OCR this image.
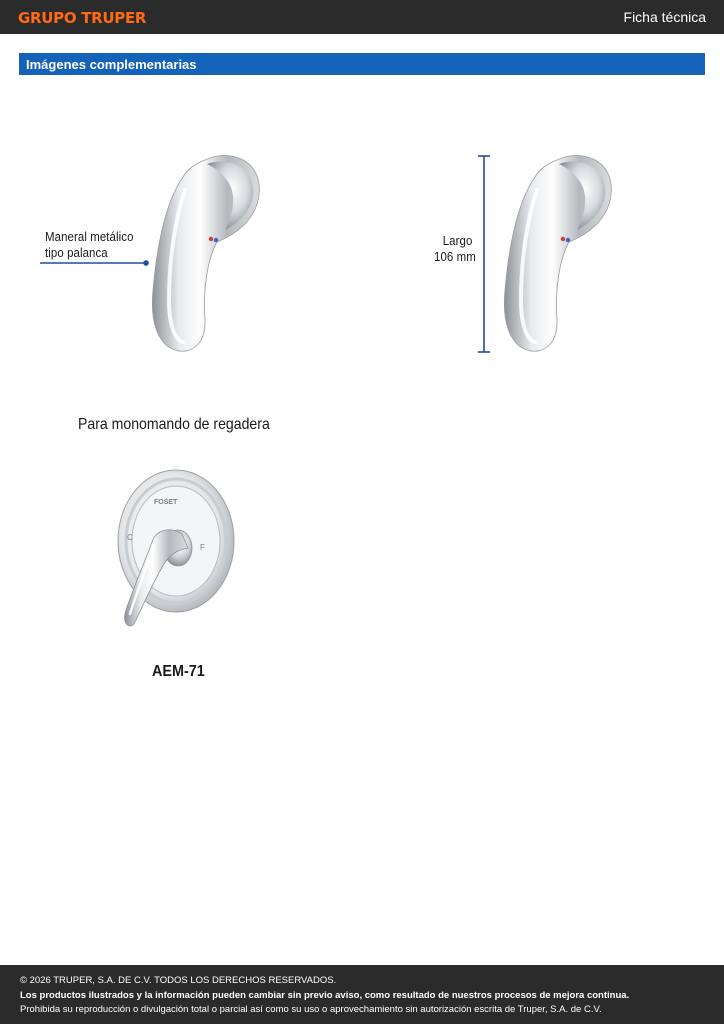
GRUPO TRUPER	Ficha técnica
Imágenes complementarias
Maneral metálico
tipo palanca
Largo
106 mm
Para monomando de regadera
FOSET
C
F
AEM-71
© 2026 TRUPER, S.A. DE C.V. TODOS LOS DERECHOS RESERVADOS.
Los productos ilustrados y la información pueden cambiar sin previo aviso, como resultado de nuestros procesos de mejora continua.
Prohibida su reproducción o divulgación total o parcial así como su uso o aprovechamiento sin autorización escrita de Truper, S.A. de C.V.
